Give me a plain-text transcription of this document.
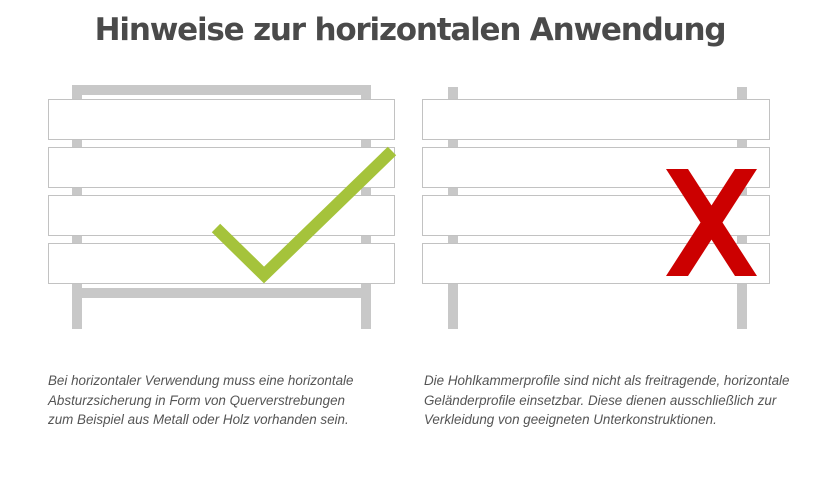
Hinweise zur horizontalen Anwendung

Bei horizontaler Verwendung muss eine horizontale
Absturzsicherung in Form von Querverstrebungen
zum Beispiel aus Metall oder Holz vorhanden sein.

Die Hohlkammerprofile sind nicht als freitragende, horizontale
Geländerprofile einsetzbar. Diese dienen ausschließlich zur
Verkleidung von geeigneten Unterkonstruktionen.
